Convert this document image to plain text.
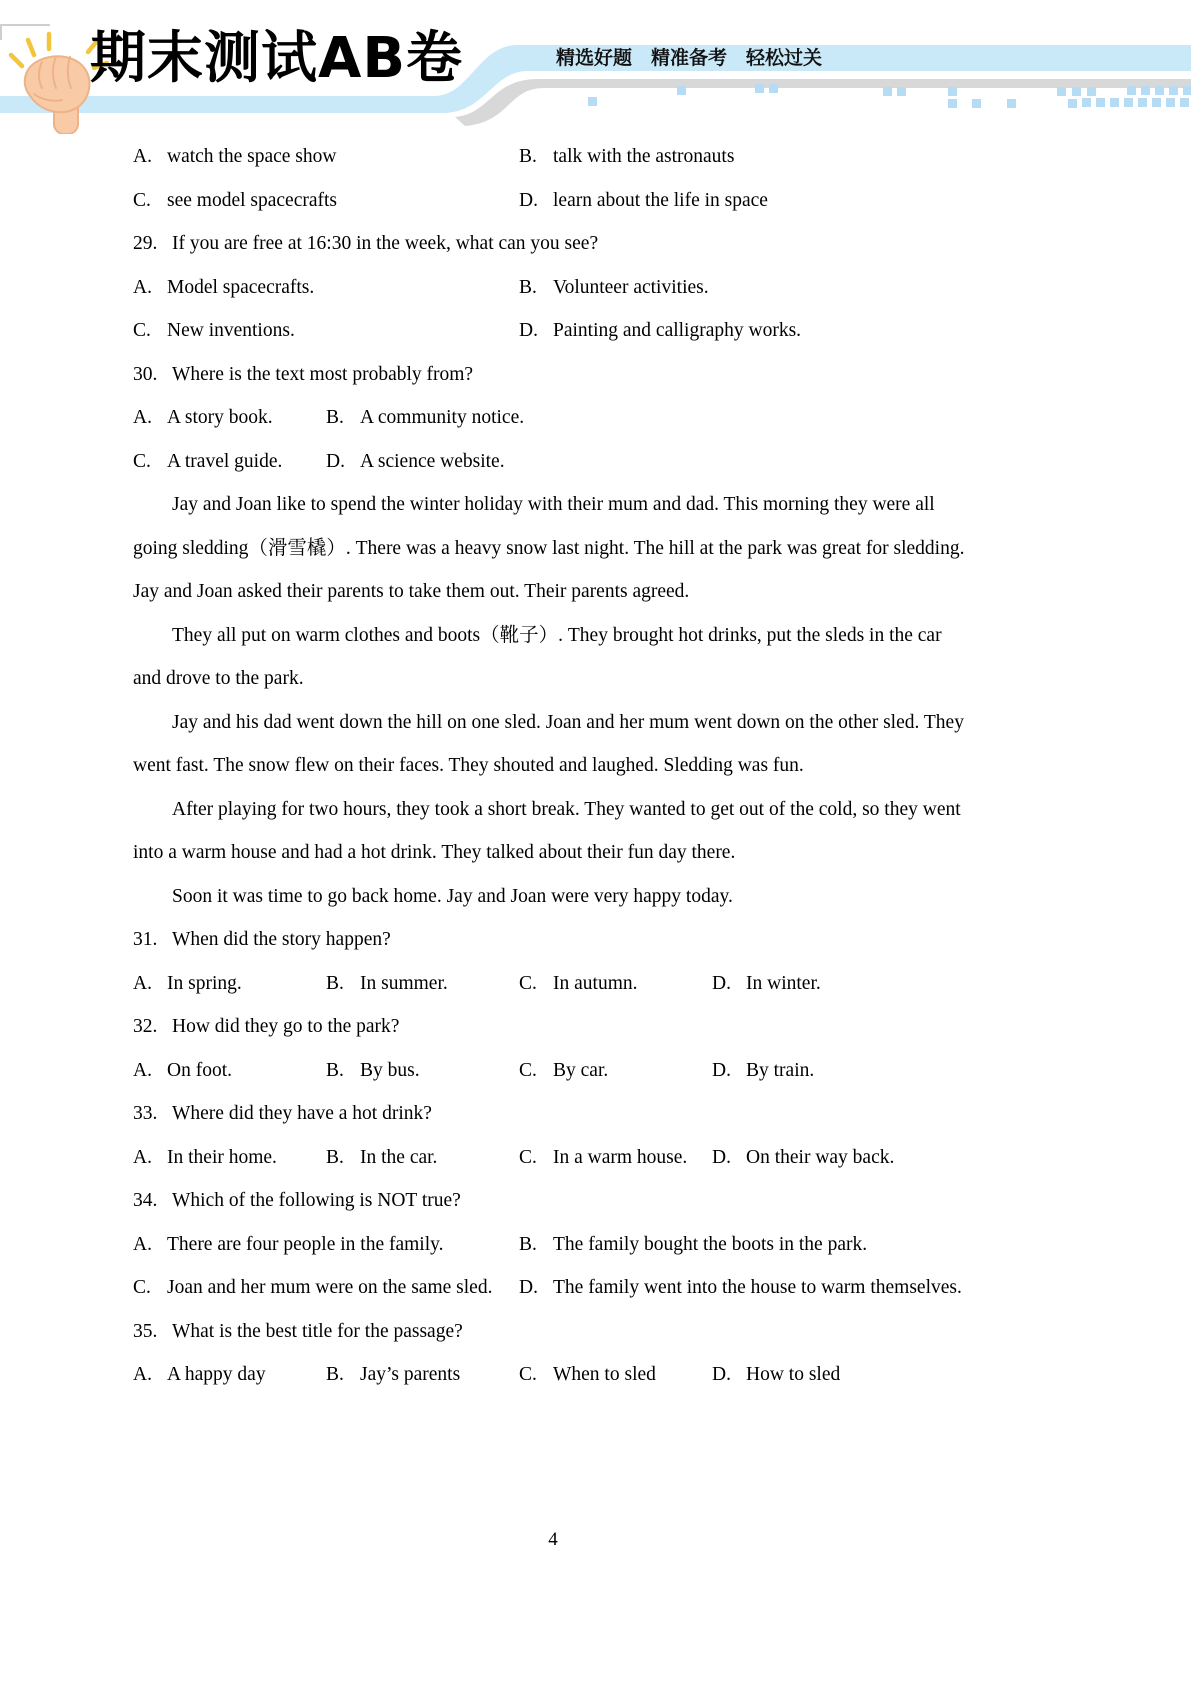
期末测试AB卷	精选好题　精准备考　轻松过关
A. watch the space show	B. talk with the astronauts
C. see model spacecrafts	D. learn about the life in space
29. If you are free at 16:30 in the week, what can you see?
A. Model spacecrafts.	B. Volunteer activities.
C. New inventions.	D. Painting and calligraphy works.
30. Where is the text most probably from?
A. A story book.	B. A community notice.
C. A travel guide.	D. A science website.

Jay and Joan like to spend the winter holiday with their mum and dad. This morning they were all going sledding（滑雪橇）. There was a heavy snow last night. The hill at the park was great for sledding. Jay and Joan asked their parents to take them out. Their parents agreed.

They all put on warm clothes and boots（靴子）. They brought hot drinks, put the sleds in the car and drove to the park.

Jay and his dad went down the hill on one sled. Joan and her mum went down on the other sled. They went fast. The snow flew on their faces. They shouted and laughed. Sledding was fun.

After playing for two hours, they took a short break. They wanted to get out of the cold, so they went into a warm house and had a hot drink. They talked about their fun day there.

Soon it was time to go back home. Jay and Joan were very happy today.

31. When did the story happen?
A. In spring.	B. In summer.	C. In autumn.	D. In winter.
32. How did they go to the park?
A. On foot.	B. By bus.	C. By car.	D. By train.
33. Where did they have a hot drink?
A. In their home.	B. In the car.	C. In a warm house.	D. On their way back.
34. Which of the following is NOT true?
A. There are four people in the family.	B. The family bought the boots in the park.
C. Joan and her mum were on the same sled.	D. The family went into the house to warm themselves.
35. What is the best title for the passage?
A. A happy day	B. Jay’s parents	C. When to sled	D. How to sled
4
